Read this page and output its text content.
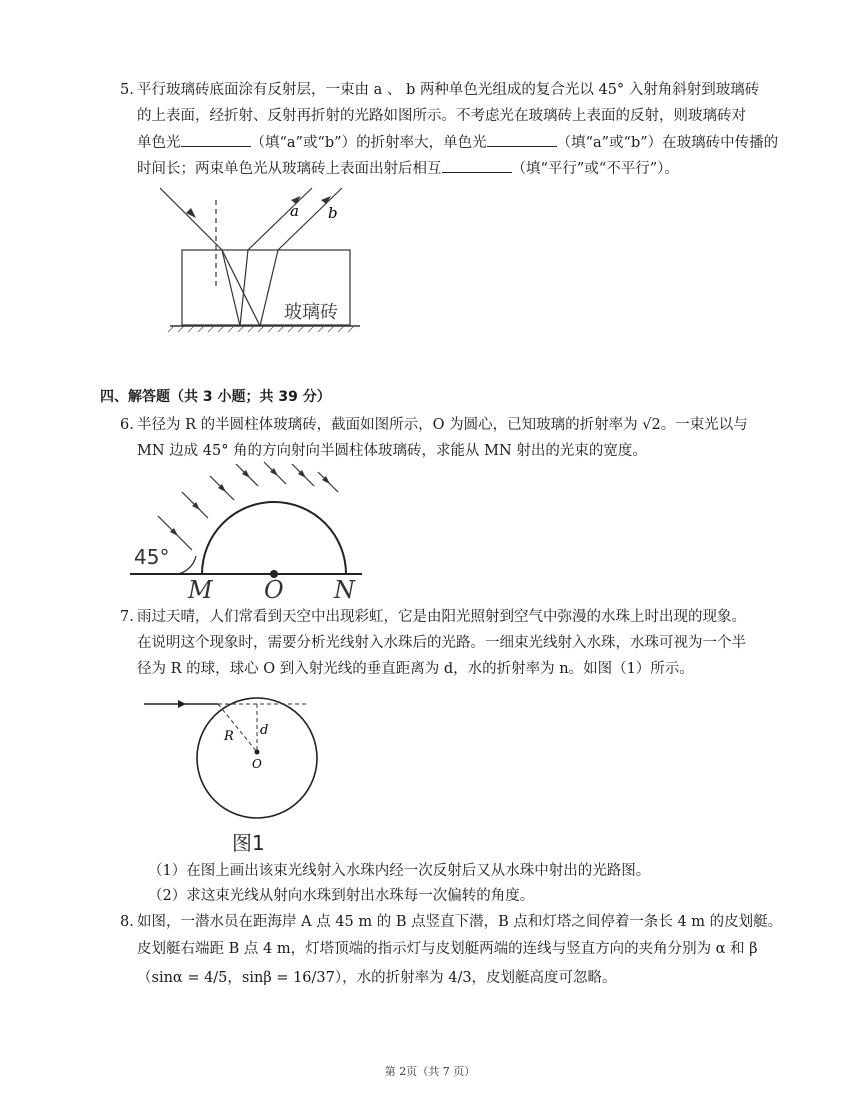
5. 平行玻璃砖底面涂有反射层，一束由 a 、 b 两种单色光组成的复合光以 45° 入射角斜射到玻璃砖
的上表面，经折射、反射再折射的光路如图所示。不考虑光在玻璃砖上表面的反射，则玻璃砖对
单色光	（填“a”或“b”）的折射率大，单色光	（填“a”或“b”）在玻璃砖中传播的
时间长；两束单色光从玻璃砖上表面出射后相互	（填“平行”或“不平行”）。
a b
玻璃砖
四、解答题（共 3 小题；共 39 分）
6. 半径为 R 的半圆柱体玻璃砖，截面如图所示，O 为圆心，已知玻璃的折射率为 √2。一束光以与
MN 边成 45° 角的方向射向半圆柱体玻璃砖，求能从 MN 射出的光束的宽度。
45°
M O N
7. 雨过天晴，人们常看到天空中出现彩虹，它是由阳光照射到空气中弥漫的水珠上时出现的现象。
在说明这个现象时，需要分析光线射入水珠后的光路。一细束光线射入水珠，水珠可视为一个半
径为 R 的球，球心 O 到入射光线的垂直距离为 d，水的折射率为 n。如图（1）所示。
R d
O
图1
（1）在图上画出该束光线射入水珠内经一次反射后又从水珠中射出的光路图。
（2）求这束光线从射向水珠到射出水珠每一次偏转的角度。
8. 如图，一潜水员在距海岸 A 点 45 m 的 B 点竖直下潜，B 点和灯塔之间停着一条长 4 m 的皮划艇。
皮划艇右端距 B 点 4 m，灯塔顶端的指示灯与皮划艇两端的连线与竖直方向的夹角分别为 α 和 β
（sinα = 4/5，sinβ = 16/37），水的折射率为 4/3，皮划艇高度可忽略。
第 2页（共 7 页）
